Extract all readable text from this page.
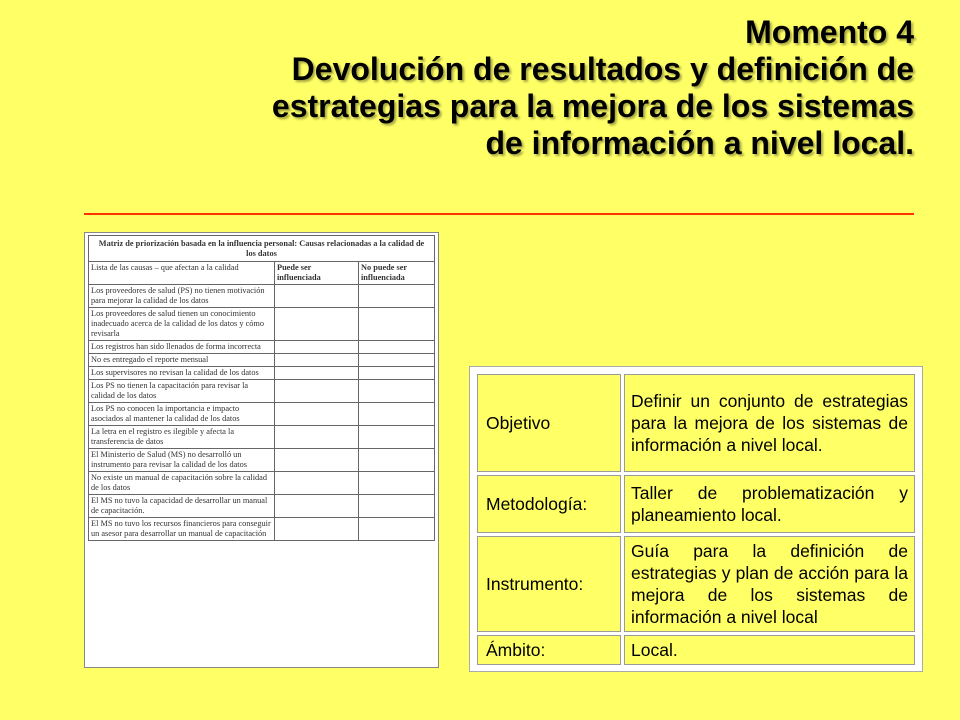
Momento 4
Devolución de resultados y definición de
estrategias para la mejora de los sistemas
de información a nivel local.
Matriz de priorización basada en la influencia personal: Causas relacionadas a la calidad de los datos		
Lista de las causas – que afectan a la calidad	Puede ser influenciada	No puede ser influenciada
Los proveedores de salud (PS) no tienen motivación para mejorar la calidad de los datos		
Los proveedores de salud tienen un conocimiento inadecuado acerca de la calidad de los datos y cómo revisarla		
Los registros han sido llenados de forma incorrecta		
No es entregado el reporte mensual		
Los supervisores no revisan la calidad de los datos		
Los PS no tienen la capacitación para revisar la calidad de los datos		
Los PS no conocen la importancia e impacto asociados al mantener la calidad de los datos		
La letra en el registro es ilegible y afecta la transferencia de datos		
El Ministerio de Salud (MS) no desarrolló un instrumento para revisar la calidad de los datos		
No existe un manual de capacitación sobre la calidad de los datos		
El MS no tuvo la capacidad de desarrollar un manual de capacitación.		
El MS no tuvo los recursos financieros para conseguir un asesor para desarrollar un manual de capacitación		
Objetivo	Definir un conjunto de estrategias para la mejora de los sistemas de información a nivel local.
Metodología:	Taller de problematización y planeamiento local.
Instrumento:	Guía para la definición de estrategias y plan de acción para la mejora de los sistemas de información a nivel local
Ámbito:	Local.
